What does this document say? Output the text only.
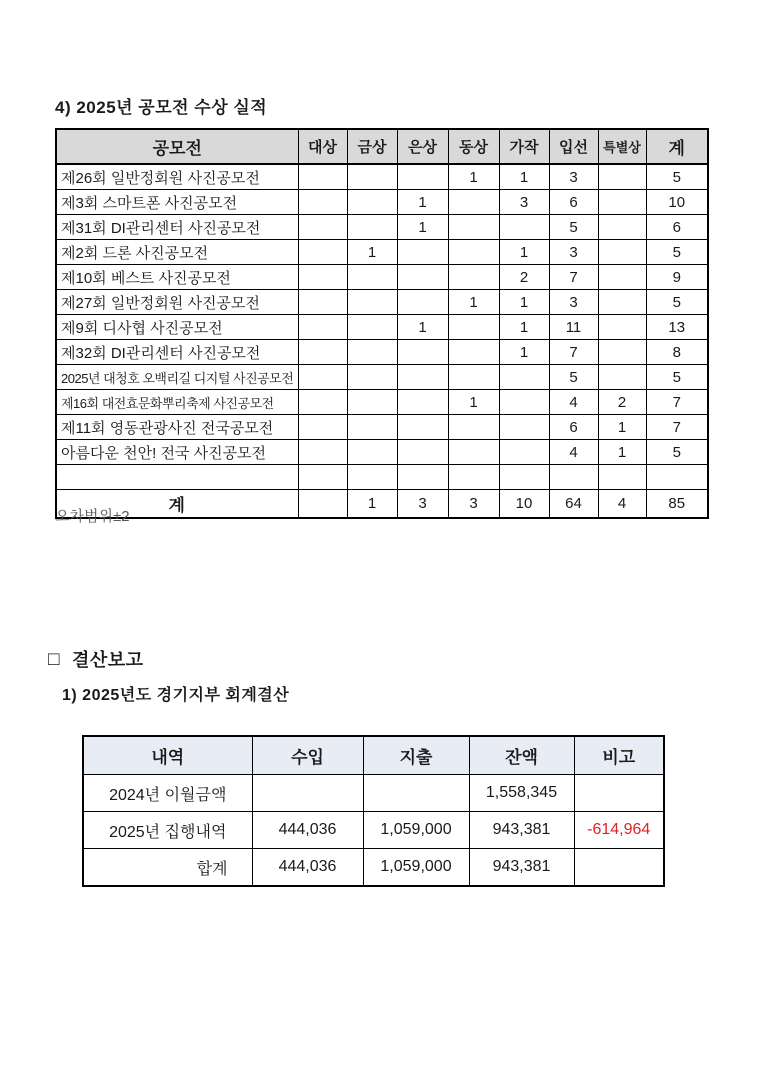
4) 2025년 공모전 수상 실적
공모전	대상	금상	은상	동상	가작	입선	특별상	계
제26회 일반정회원 사진공모전				1	1	3		5
제3회 스마트폰 사진공모전			1		3	6		10
제31회 DI관리센터 사진공모전			1			5		6
제2회 드론 사진공모전		1			1	3		5
제10회 베스트 사진공모전					2	7		9
제27회 일반정회원 사진공모전				1	1	3		5
제9회 디사협 사진공모전			1		1	11		13
제32회 DI관리센터 사진공모전					1	7		8
2025년 대청호 오백리길 디지털 사진공모전						5		5
제16회 대전효문화뿌리축제 사진공모전				1		4	2	7
제11회 영동관광사진 전국공모전						6	1	7
아름다운 천안! 전국 사진공모전						4	1	5

계		1	3	3	10	64	4	85
오차범위±2
□ 결산보고
1) 2025년도 경기지부 회계결산
내역	수입	지출	잔액	비고
2024년 이월금액			1,558,345	
2025년 집행내역	444,036	1,059,000	943,381	-614,964
합계	444,036	1,059,000	943,381	
